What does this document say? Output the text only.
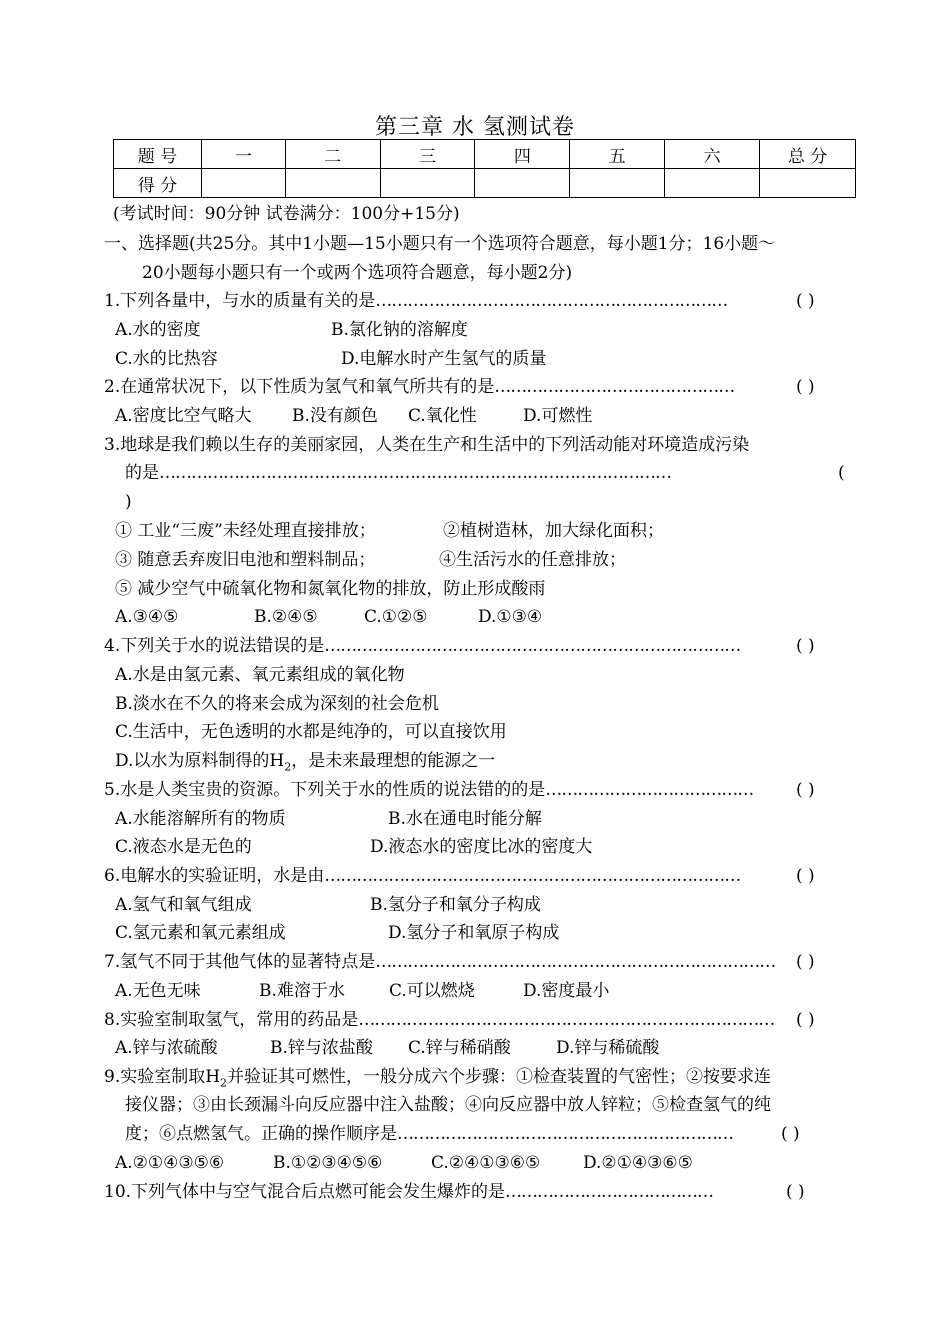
第三章 水 氢测试卷
题 号	一	二	三	四	五	六	总 分
得 分							
(考试时间：90分钟 试卷满分：100分+15分)
一、选择题(共25分。其中1小题—15小题只有一个选项符合题意，每小题1分；16小题～
20小题每小题只有一个或两个选项符合题意，每小题2分)
1.下列各量中，与水的质量有关的是…………………………………………………………	( )
A.水的密度	B.氯化钠的溶解度
C.水的比热容	D.电解水时产生氢气的质量
2.在通常状况下，以下性质为氢气和氧气所共有的是………………………………………	( )
A.密度比空气略大 B.没有颜色 C.氧化性	D.可燃性
3.地球是我们赖以生存的美丽家园，人类在生产和生活中的下列活动能对环境造成污染
的是……………………………………………………………………………………	(
)
① 工业“三废”未经处理直接排放；	②植树造林，加大绿化面积；
③ 随意丢弃废旧电池和塑料制品；	④生活污水的任意排放；
⑤ 减少空气中硫氧化物和氮氧化物的排放，防止形成酸雨
A.③④⑤	B.②④⑤	C.①②⑤	D.①③④
4.下列关于水的说法错误的是……………………………………………………………………	( )
A.水是由氢元素、氧元素组成的氧化物
B.淡水在不久的将来会成为深刻的社会危机
C.生活中，无色透明的水都是纯净的，可以直接饮用
D.以水为原料制得的$H_2$，是未来最理想的能源之一
5.水是人类宝贵的资源。下列关于水的性质的说法错的的是…………………………………	( )
A.水能溶解所有的物质	B.水在通电时能分解
C.液态水是无色的	D.液态水的密度比冰的密度大
6.电解水的实验证明，水是由……………………………………………………………………	( )
A.氢气和氧气组成	B.氢分子和氧分子构成
C.氢元素和氧元素组成	D.氢分子和氧原子构成
7.氢气不同于其他气体的显著特点是………………………………………………………………… ( )
A.无色无味	B.难溶于水	C.可以燃烧	D.密度最小
8.实验室制取氢气，常用的药品是…………………………………………………………………… ( )
A.锌与浓硫酸	B.锌与浓盐酸 C.锌与稀硝酸	D.锌与稀硫酸
9.实验室制取$H_2$并验证其可燃性，一般分成六个步骤：①检查装置的气密性；②按要求连
接仪器；③由长颈漏斗向反应器中注入盐酸；④向反应器中放人锌粒；⑤检查氢气的纯
度；⑥点燃氢气。正确的操作顺序是………………………………………………………	( )
A.②①④③⑤⑥	B.①②③④⑤⑥	C.②④①③⑥⑤	D.②①④③⑥⑤
10.下列气体中与空气混合后点燃可能会发生爆炸的是…………………………………	( )
